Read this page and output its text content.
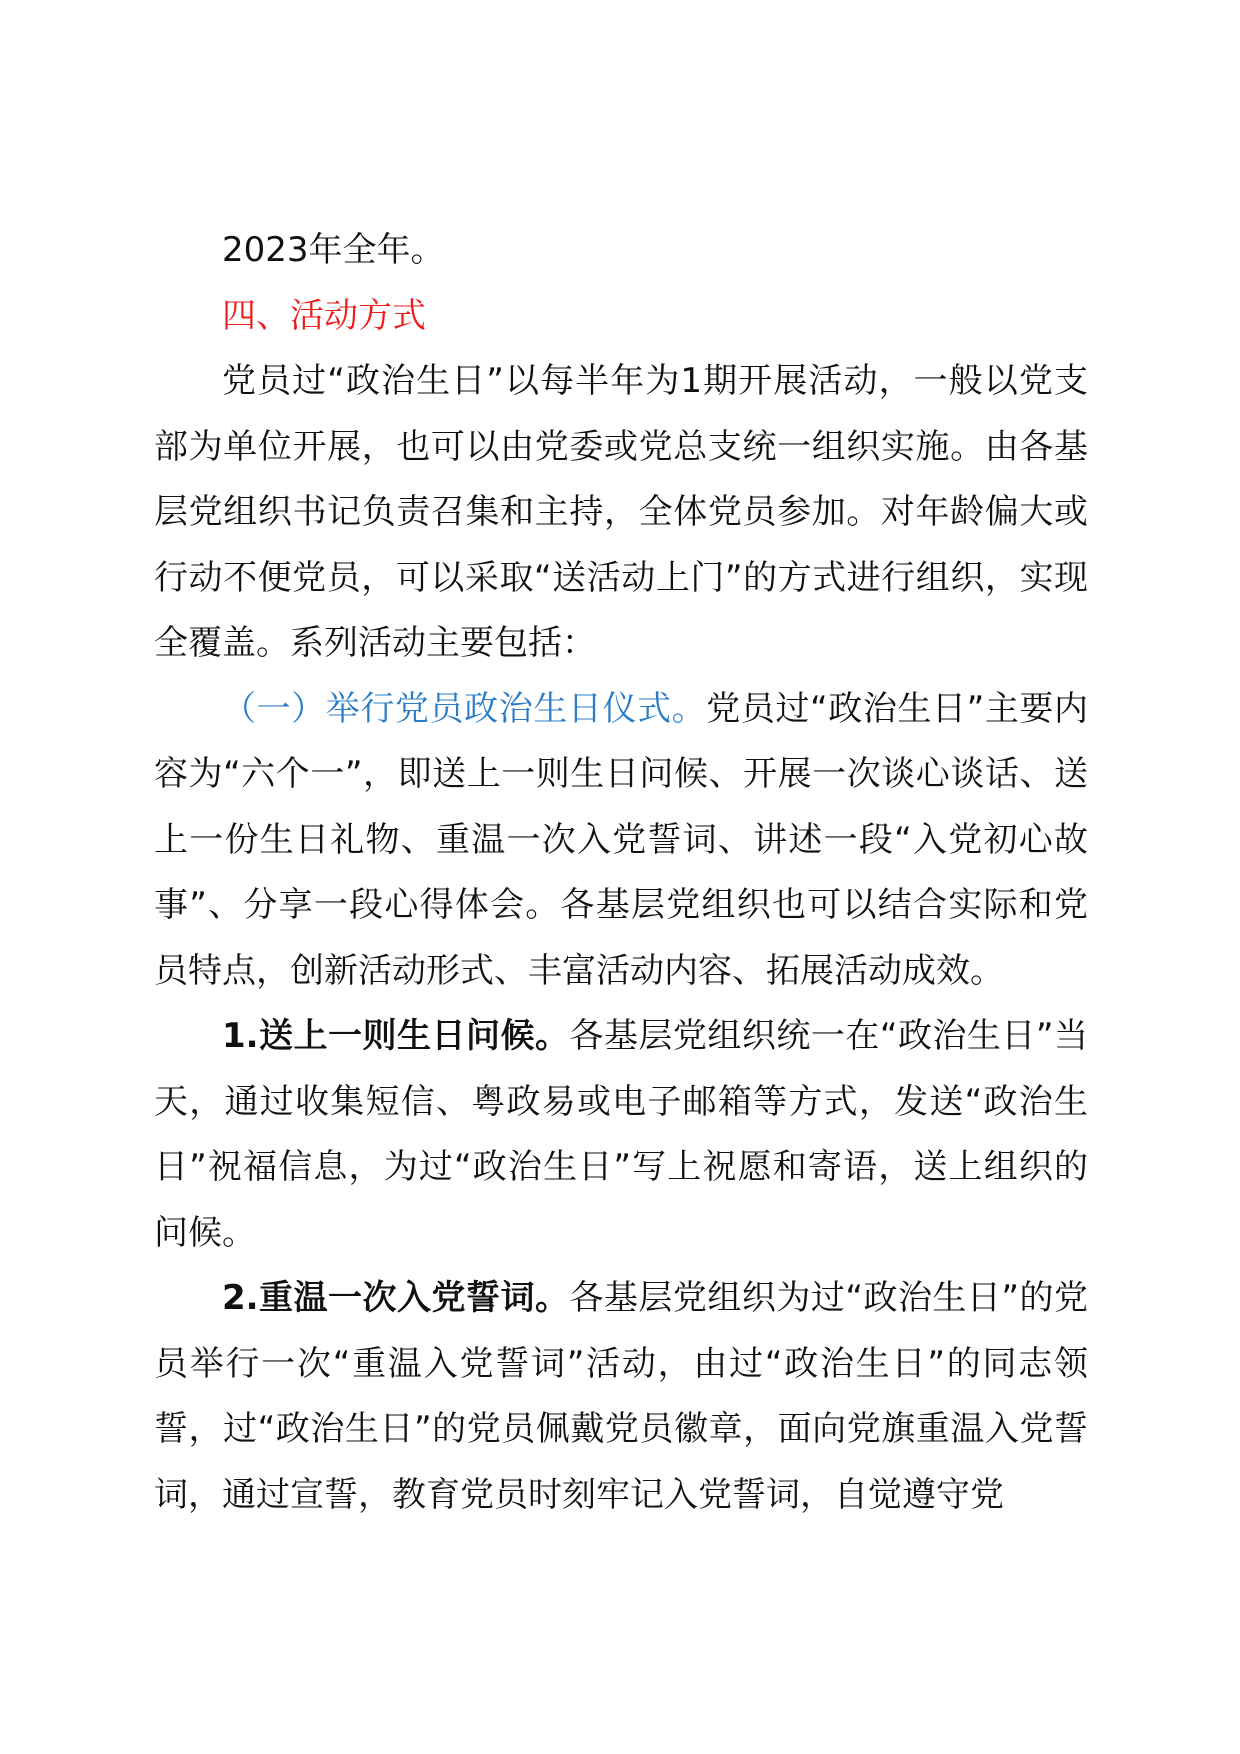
2023年全年。

四、活动方式

党员过“政治生日”以每半年为1期开展活动，一般以党支部为单位开展，也可以由党委或党总支统一组织实施。由各基层党组织书记负责召集和主持，全体党员参加。对年龄偏大或行动不便党员，可以采取“送活动上门”的方式进行组织，实现全覆盖。系列活动主要包括：

（一）举行党员政治生日仪式。党员过“政治生日”主要内容为“六个一”，即送上一则生日问候、开展一次谈心谈话、送上一份生日礼物、重温一次入党誓词、讲述一段“入党初心故事”、分享一段心得体会。各基层党组织也可以结合实际和党员特点，创新活动形式、丰富活动内容、拓展活动成效。

1.送上一则生日问候。各基层党组织统一在“政治生日”当天，通过收集短信、粤政易或电子邮箱等方式，发送“政治生日”祝福信息，为过“政治生日”写上祝愿和寄语，送上组织的问候。

2.重温一次入党誓词。各基层党组织为过“政治生日”的党员举行一次“重温入党誓词”活动，由过“政治生日”的同志领誓，过“政治生日”的党员佩戴党员徽章，面向党旗重温入党誓词，通过宣誓，教育党员时刻牢记入党誓词，自觉遵守党
